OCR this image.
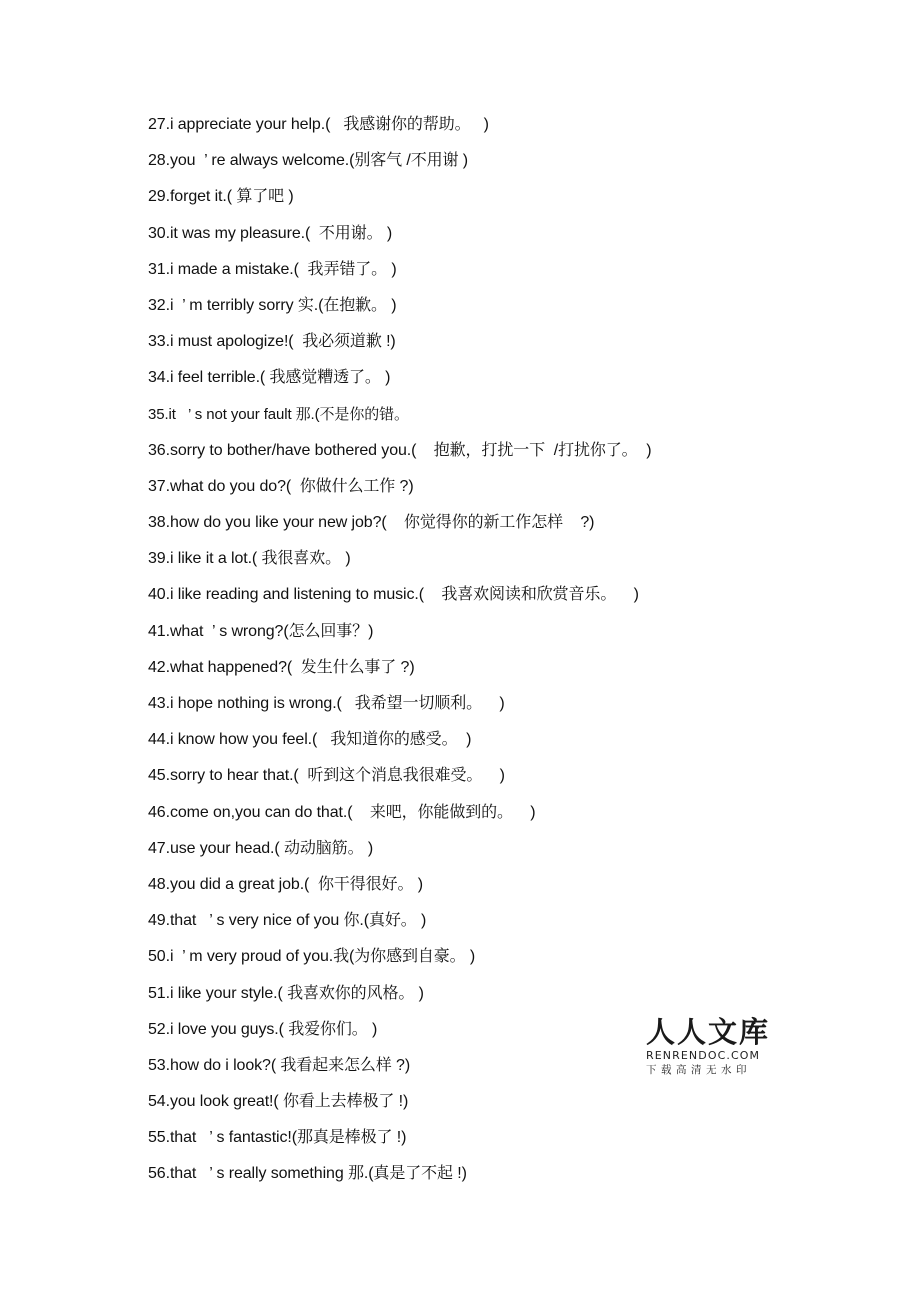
27.i appreciate your help.(   我感谢你的帮助。   )
28.you  ’ re always welcome.(别客气 /不用谢 )
29.forget it.( 算了吧 )
30.it was my pleasure.(  不用谢。 )
31.i made a mistake.(  我弄错了。 )
32.i  ’ m terribly sorry 实.(在抱歉。 )
33.i must apologize!(  我必须道歉 !)
34.i feel terrible.( 我感觉糟透了。 )
35.it   ’ s not your fault 那.(不是你的错。
36.sorry to bother/have bothered you.(    抱歉，打扰一下  /打扰你了。  )
37.what do you do?(  你做什么工作 ?)
38.how do you like your new job?(    你觉得你的新工作怎样    ?)
39.i like it a lot.( 我很喜欢。 )
40.i like reading and listening to music.(    我喜欢阅读和欣赏音乐。    )
41.what  ’ s wrong?(怎么回事？)
42.what happened?(  发生什么事了 ?)
43.i hope nothing is wrong.(   我希望一切顺利。    )
44.i know how you feel.(   我知道你的感受。  )
45.sorry to hear that.(  听到这个消息我很难受。    )
46.come on,you can do that.(    来吧，你能做到的。    )
47.use your head.( 动动脑筋。 )
48.you did a great job.(  你干得很好。 )
49.that   ’ s very nice of you 你.(真好。 )
50.i  ’ m very proud of you.我(为你感到自豪。 )
51.i like your style.( 我喜欢你的风格。 )
52.i love you guys.( 我爱你们。 )
53.how do i look?( 我看起来怎么样 ?)
54.you look great!( 你看上去棒极了 !)
55.that   ’ s fantastic!(那真是棒极了 !)
56.that   ’ s really something 那.(真是了不起 !)
人人文库
RENRENDOC.COM
下载高清无水印
